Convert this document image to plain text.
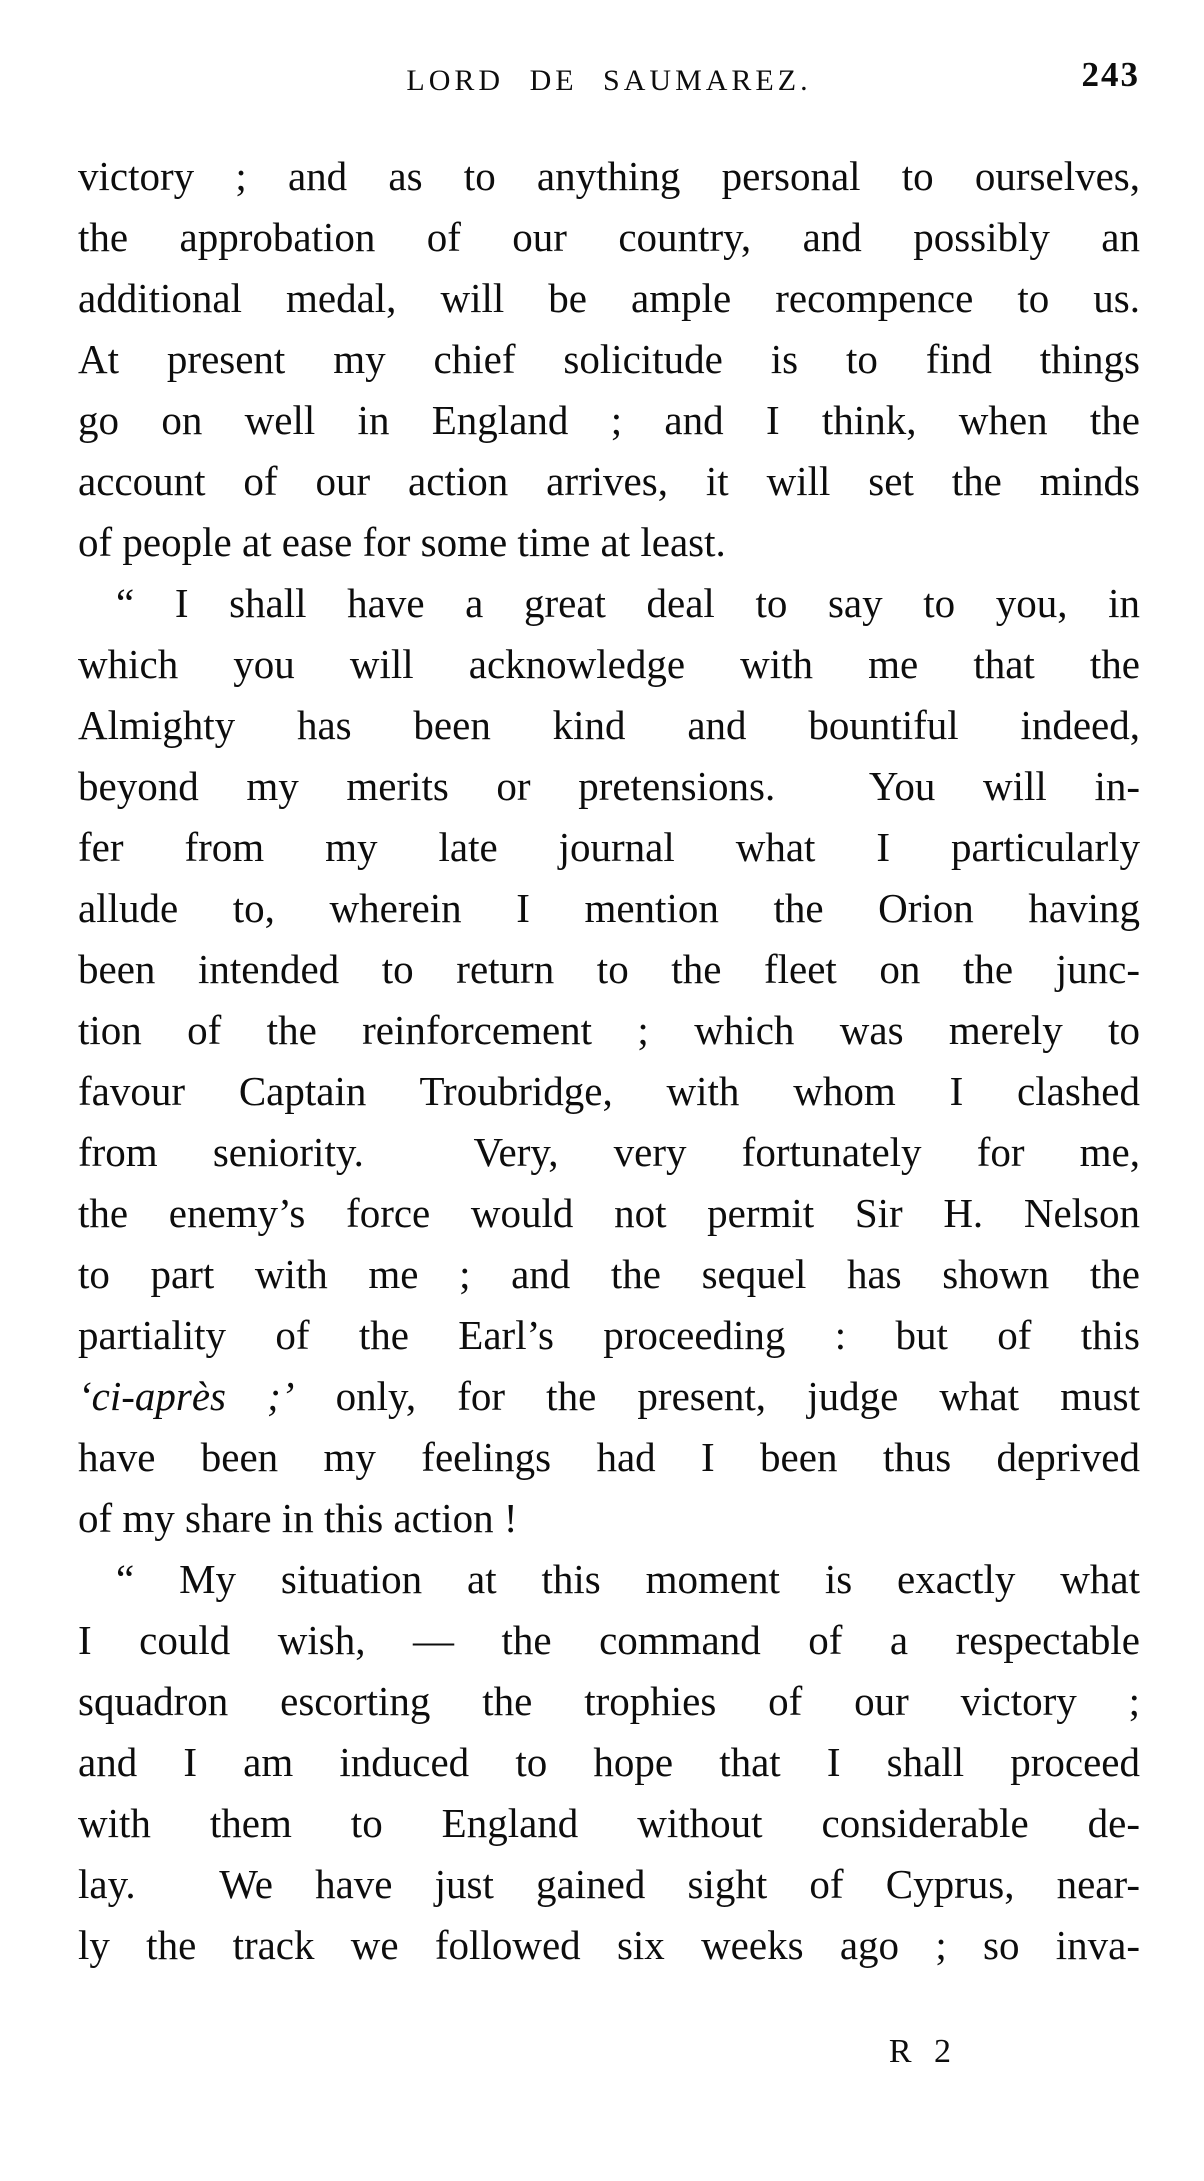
LORD DE SAUMAREZ.	243
victory ; and as to anything personal to ourselves,
the approbation of our country, and possibly an
additional medal, will be ample recompence to us.
At present my chief solicitude is to find things
go on well in England ; and I think, when the
account of our action arrives, it will set the minds
of people at ease for some time at least.
“ I shall have a great deal to say to you, in
which you will acknowledge with me that the
Almighty has been kind and bountiful indeed,
beyond my merits or pretensions.  You will in-
fer from my late journal what I particularly
allude to, wherein I mention the Orion having
been intended to return to the fleet on the junc-
tion of the reinforcement ; which was merely to
favour Captain Troubridge, with whom I clashed
from seniority.  Very, very fortunately for me,
the enemy’s force would not permit Sir H. Nelson
to part with me ; and the sequel has shown the
partiality of the Earl’s proceeding : but of this
‘ci-après ;’ only, for the present, judge what must
have been my feelings had I been thus deprived
of my share in this action !
“ My situation at this moment is exactly what
I could wish, — the command of a respectable
squadron escorting the trophies of our victory ;
and I am induced to hope that I shall proceed
with them to England without considerable de-
lay.  We have just gained sight of Cyprus, near-
ly the track we followed six weeks ago ; so inva-
R 2
